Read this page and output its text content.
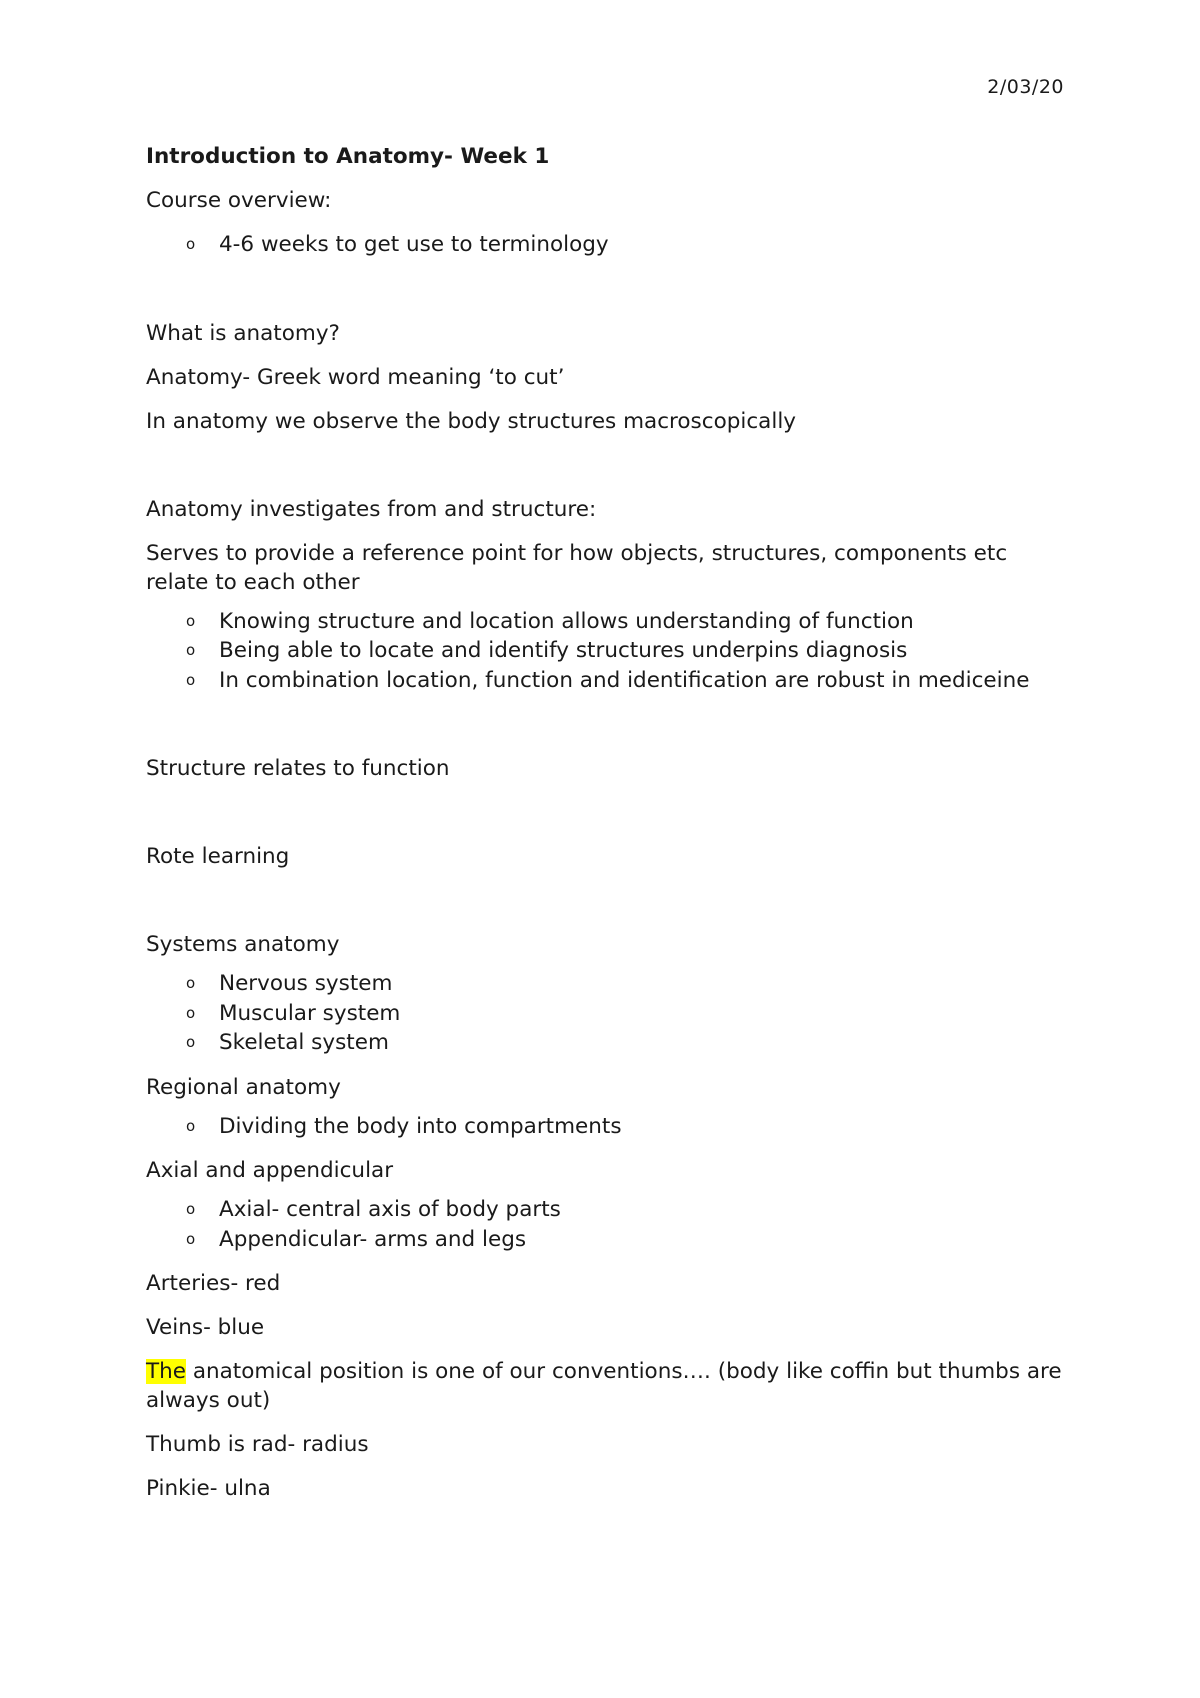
2/03/20
Introduction to Anatomy- Week 1
Course overview:
o 4-6 weeks to get use to terminology
What is anatomy?
Anatomy- Greek word meaning ‘to cut’
In anatomy we observe the body structures macroscopically
Anatomy investigates from and structure:
Serves to provide a reference point for how objects, structures, components etc relate to each other
o Knowing structure and location allows understanding of function
o Being able to locate and identify structures underpins diagnosis
o In combination location, function and identification are robust in mediceine
Structure relates to function
Rote learning
Systems anatomy
o Nervous system
o Muscular system
o Skeletal system
Regional anatomy
o Dividing the body into compartments
Axial and appendicular
o Axial- central axis of body parts
o Appendicular- arms and legs
Arteries- red
Veins- blue
The anatomical position is one of our conventions…. (body like coffin but thumbs are always out)
Thumb is rad- radius
Pinkie- ulna
